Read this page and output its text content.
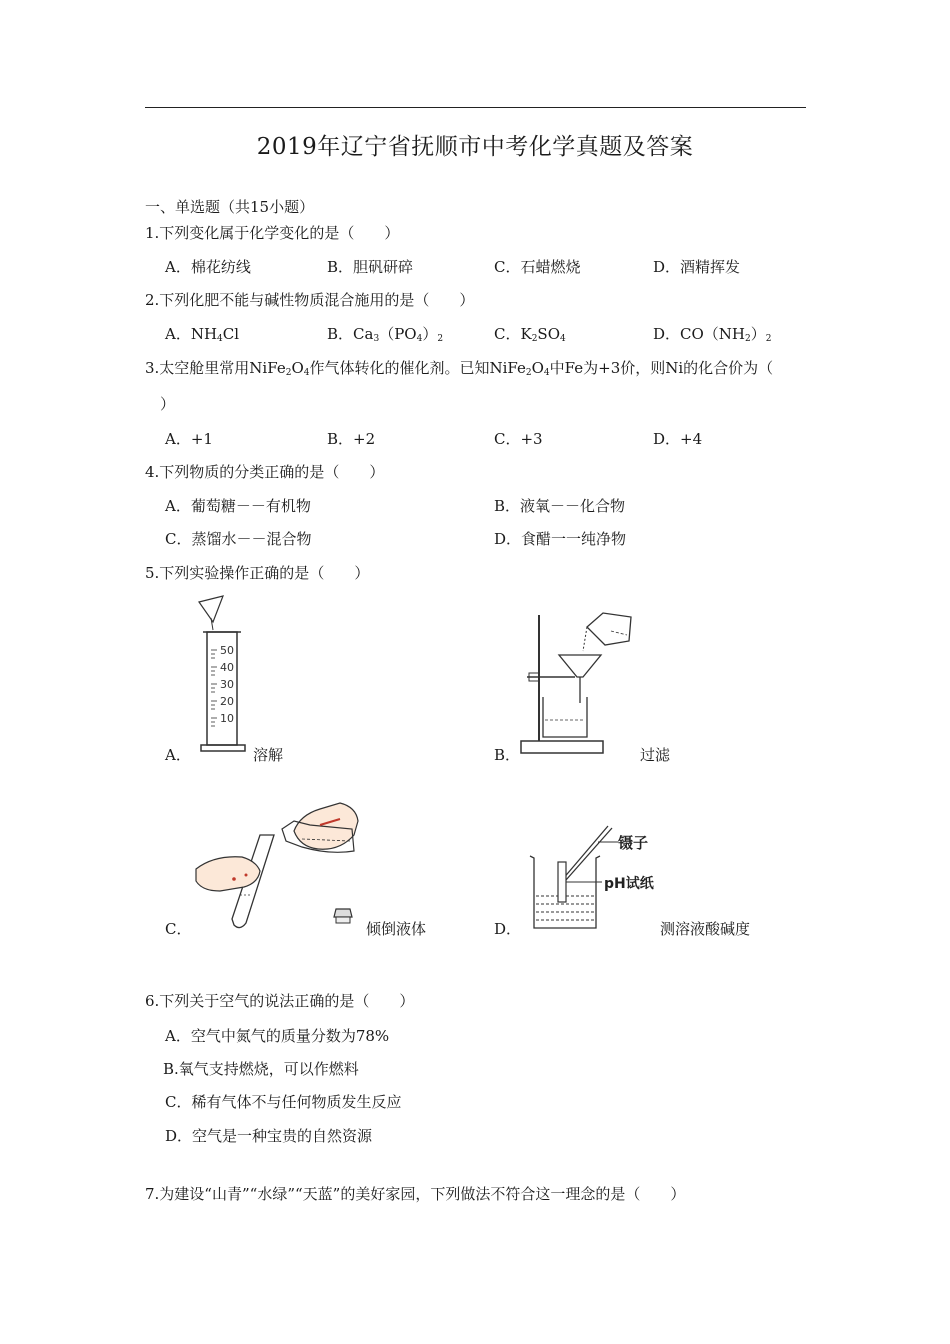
2019年辽宁省抚顺市中考化学真题及答案
一、单选题（共15小题）
1.下列变化属于化学变化的是（　　）
A．棉花纺线	B．胆矾研碎	C．石蜡燃烧	D．酒精挥发
2.下列化肥不能与碱性物质混合施用的是（　　）
A．$NH_4Cl$	B．$Ca_3(PO_4)_2$	C．$K_2SO_4$	D．$CO(NH_2)_2$
3.太空舱里常用$NiFe_2O_4$作气体转化的催化剂。已知$NiFe_2O_4$中Fe为+3价，则Ni的化合价为（
）
A．+1	B．+2	C．+3	D．+4
4.下列物质的分类正确的是（　　）
A．葡萄糖－－有机物	B．液氧－－化合物
C．蒸馏水－－混合物	D．食醋一一纯净物
5.下列实验操作正确的是（　　）
50
40
30
20
10
A．	溶解	B．	过滤
C．	倾倒液体
镊子
pH试纸
D．	测溶液酸碱度
6.下列关于空气的说法正确的是（　　）
A．空气中氮气的质量分数为78%
B.氧气支持燃烧，可以作燃料
C．稀有气体不与任何物质发生反应
D．空气是一种宝贵的自然资源
7.为建设“山青”“水绿”“天蓝”的美好家园，下列做法不符合这一理念的是（　　）
